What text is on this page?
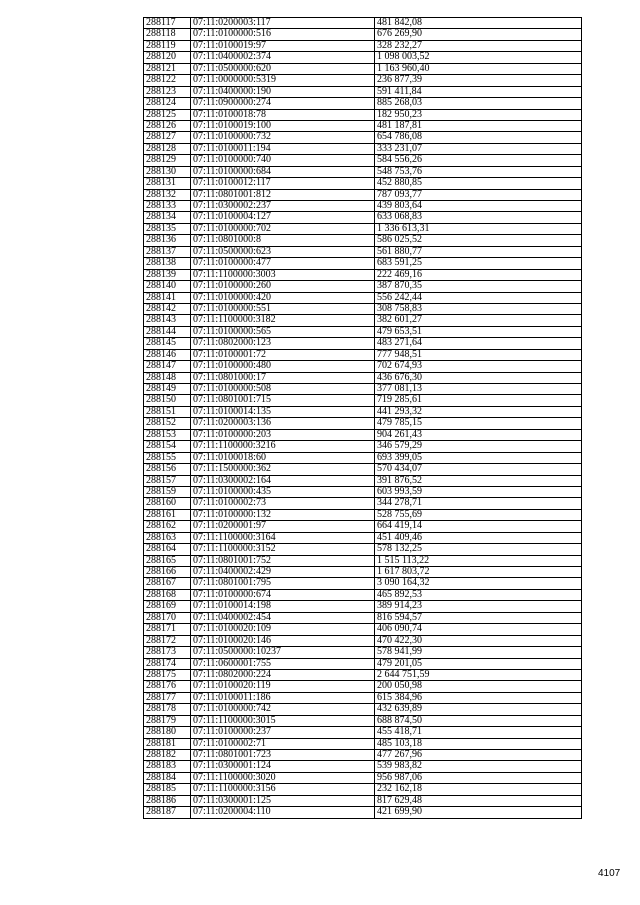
288117	07:11:0200003:117	481 842,08
288118	07:11:0100000:516	676 269,90
288119	07:11:0100019:97	328 232,27
288120	07:11:0400002:374	1 098 003,52
288121	07:11:0500000:620	1 163 960,40
288122	07:11:0000000:5319	236 877,39
288123	07:11:0400000:190	591 411,84
288124	07:11:0900000:274	885 268,03
288125	07:11:0100018:78	182 950,23
288126	07:11:0100019:100	481 187,81
288127	07:11:0100000:732	654 786,08
288128	07:11:0100011:194	333 231,07
288129	07:11:0100000:740	584 556,26
288130	07:11:0100000:684	548 753,76
288131	07:11:0100012:117	452 880,85
288132	07:11:0801001:812	787 093,77
288133	07:11:0300002:237	439 803,64
288134	07:11:0100004:127	633 068,83
288135	07:11:0100000:702	1 336 613,31
288136	07:11:0801000:8	586 025,52
288137	07:11:0500000:623	561 880,77
288138	07:11:0100000:477	683 591,25
288139	07:11:1100000:3003	222 469,16
288140	07:11:0100000:260	387 870,35
288141	07:11:0100000:420	556 242,44
288142	07:11:0100000:551	308 758,83
288143	07:11:1100000:3182	382 601,27
288144	07:11:0100000:565	479 653,51
288145	07:11:0802000:123	483 271,64
288146	07:11:0100001:72	777 948,51
288147	07:11:0100000:480	702 674,93
288148	07:11:0801000:17	436 676,30
288149	07:11:0100000:508	377 081,13
288150	07:11:0801001:715	719 285,61
288151	07:11:0100014:135	441 293,32
288152	07:11:0200003:136	479 785,15
288153	07:11:0100000:203	904 261,43
288154	07:11:1100000:3216	346 579,29
288155	07:11:0100018:60	693 399,05
288156	07:11:1500000:362	570 434,07
288157	07:11:0300002:164	391 876,52
288159	07:11:0100000:435	603 993,59
288160	07:11:0100002:73	344 278,71
288161	07:11:0100000:132	528 755,69
288162	07:11:0200001:97	664 419,14
288163	07:11:1100000:3164	451 409,46
288164	07:11:1100000:3152	578 132,25
288165	07:11:0801001:752	1 515 113,22
288166	07:11:0400002:429	1 617 803,72
288167	07:11:0801001:795	3 090 164,32
288168	07:11:0100000:674	465 892,53
288169	07:11:0100014:198	389 914,23
288170	07:11:0400002:454	816 594,57
288171	07:11:0100020:109	406 090,74
288172	07:11:0100020:146	470 422,30
288173	07:11:0500000:10237	578 941,99
288174	07:11:0600001:755	479 201,05
288175	07:11:0802000:224	2 644 751,59
288176	07:11:0100020:119	200 050,98
288177	07:11:0100011:186	615 384,96
288178	07:11:0100000:742	432 639,89
288179	07:11:1100000:3015	688 874,50
288180	07:11:0100000:237	455 418,71
288181	07:11:0100002:71	485 103,18
288182	07:11:0801001:723	477 267,96
288183	07:11:0300001:124	539 983,82
288184	07:11:1100000:3020	956 987,06
288185	07:11:1100000:3156	232 162,18
288186	07:11:0300001:125	817 629,48
288187	07:11:0200004:110	421 699,90
4107
